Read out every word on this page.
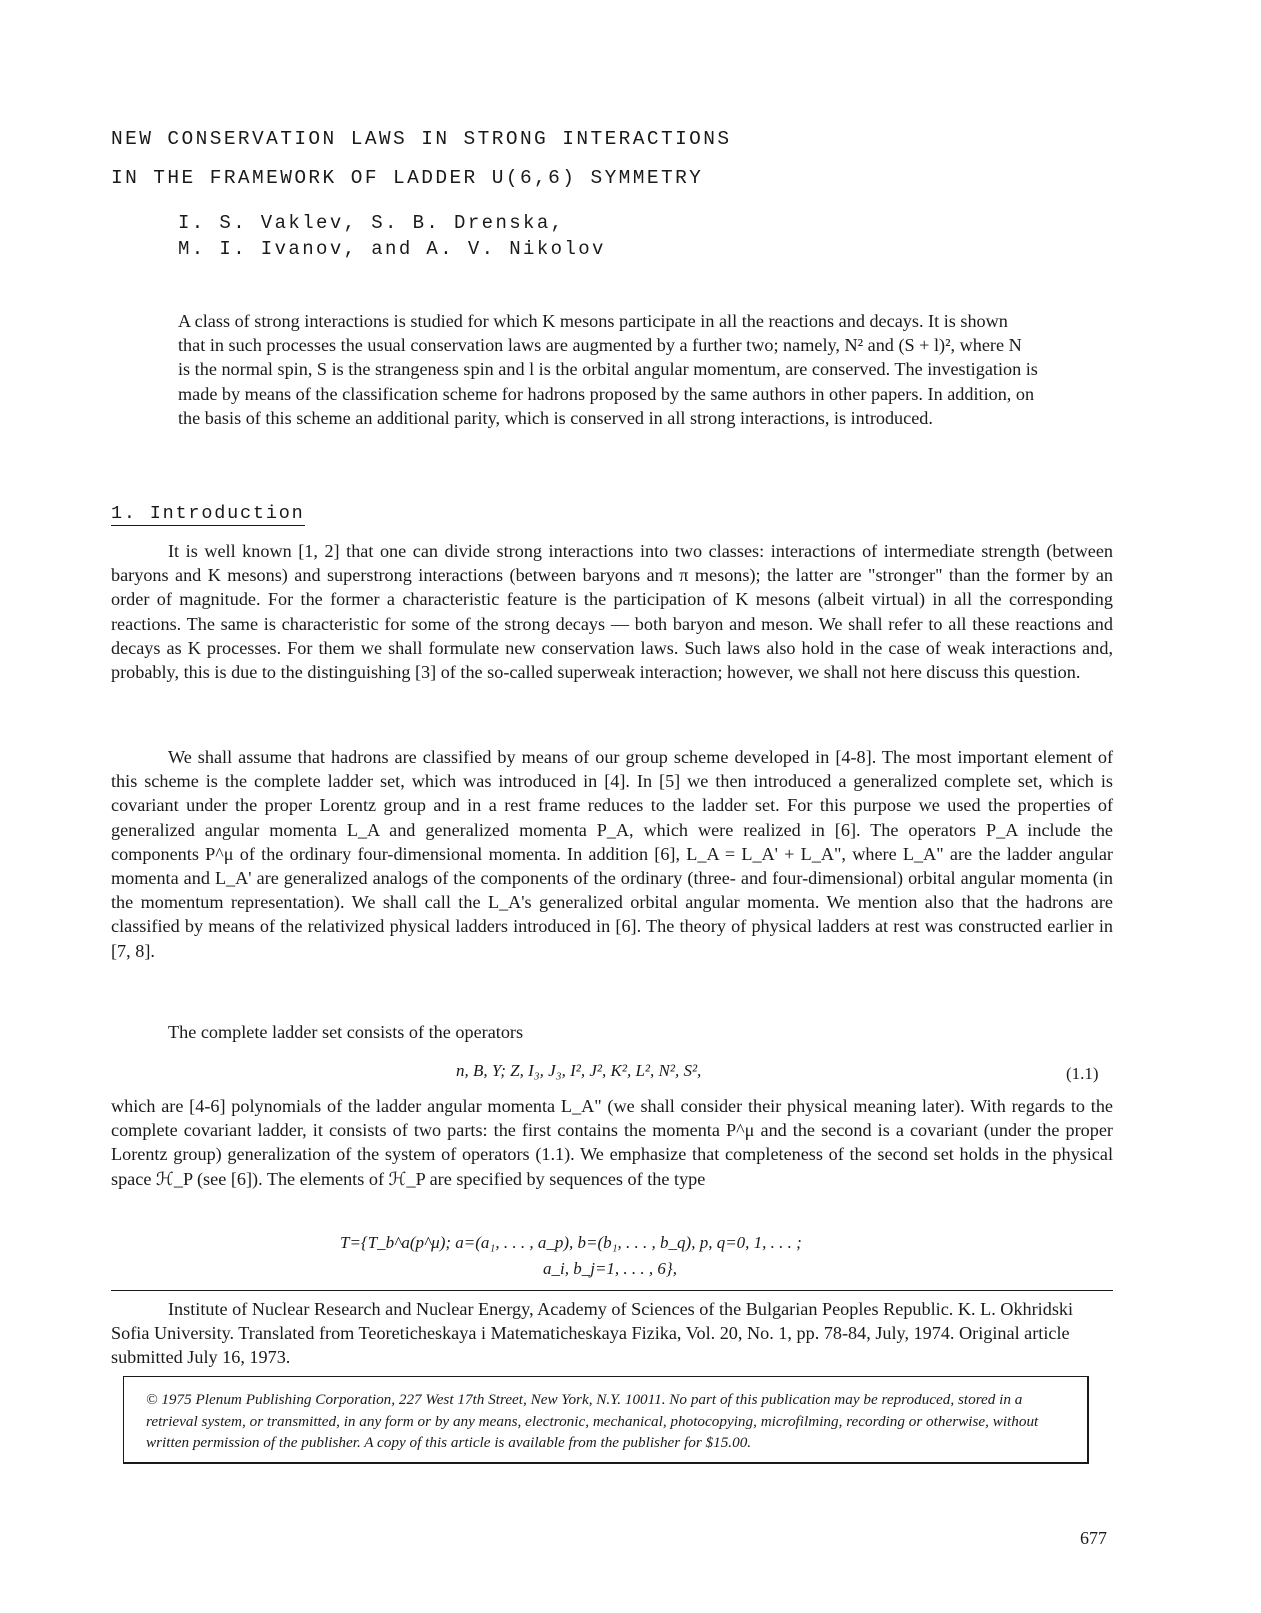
NEW CONSERVATION LAWS IN STRONG INTERACTIONS
IN THE FRAMEWORK OF LADDER U(6,6) SYMMETRY
I. S. Vaklev, S. B. Drenska,
M. I. Ivanov, and A. V. Nikolov

A class of strong interactions is studied for which K mesons participate in all the reactions and decays. It is shown that in such processes the usual conservation laws are augmented by a further two; namely, N² and (S + l)², where N is the normal spin, S is the strangeness spin and l is the orbital angular momentum, are conserved. The investigation is made by means of the classification scheme for hadrons proposed by the same authors in other papers. In addition, on the basis of this scheme an additional parity, which is conserved in all strong interactions, is introduced.

1. Introduction

It is well known [1, 2] that one can divide strong interactions into two classes: interactions of intermediate strength (between baryons and K mesons) and superstrong interactions (between baryons and π mesons); the latter are "stronger" than the former by an order of magnitude. For the former a characteristic feature is the participation of K mesons (albeit virtual) in all the corresponding reactions. The same is characteristic for some of the strong decays — both baryon and meson. We shall refer to all these reactions and decays as K processes. For them we shall formulate new conservation laws. Such laws also hold in the case of weak interactions and, probably, this is due to the distinguishing [3] of the so-called superweak interaction; however, we shall not here discuss this question.

We shall assume that hadrons are classified by means of our group scheme developed in [4-8]. The most important element of this scheme is the complete ladder set, which was introduced in [4]. In [5] we then introduced a generalized complete set, which is covariant under the proper Lorentz group and in a rest frame reduces to the ladder set. For this purpose we used the properties of generalized angular momenta L_A and generalized momenta P_A, which were realized in [6]. The operators P_A include the components P^μ of the ordinary four-dimensional momenta. In addition [6], L_A = L_A' + L_A", where L_A" are the ladder angular momenta and L_A' are generalized analogs of the components of the ordinary (three- and four-dimensional) orbital angular momenta (in the momentum representation). We shall call the L_A's generalized orbital angular momenta. We mention also that the hadrons are classified by means of the relativized physical ladders introduced in [6]. The theory of physical ladders at rest was constructed earlier in [7, 8].

The complete ladder set consists of the operators
n, B, Y; Z, I₃, J₃, I², J², K², L², N², S²,	(1.1)

which are [4-6] polynomials of the ladder angular momenta L_A" (we shall consider their physical meaning later). With regards to the complete covariant ladder, it consists of two parts: the first contains the momenta P^μ and the second is a covariant (under the proper Lorentz group) generalization of the system of operators (1.1). We emphasize that completeness of the second set holds in the physical space ℋ_P (see [6]). The elements of ℋ_P are specified by sequences of the type

T={T_b^a(p^μ); a=(a₁, . . . , a_p), b=(b₁, . . . , b_q), p, q=0, 1, . . . ;
a_i, b_j=1, . . . , 6},

Institute of Nuclear Research and Nuclear Energy, Academy of Sciences of the Bulgarian Peoples Republic. K. L. Okhridski Sofia University. Translated from Teoreticheskaya i Matematicheskaya Fizika, Vol. 20, No. 1, pp. 78-84, July, 1974. Original article submitted July 16, 1973.

© 1975 Plenum Publishing Corporation, 227 West 17th Street, New York, N.Y. 10011. No part of this publication may be reproduced, stored in a retrieval system, or transmitted, in any form or by any means, electronic, mechanical, photocopying, microfilming, recording or otherwise, without written permission of the publisher. A copy of this article is available from the publisher for $15.00.
677
